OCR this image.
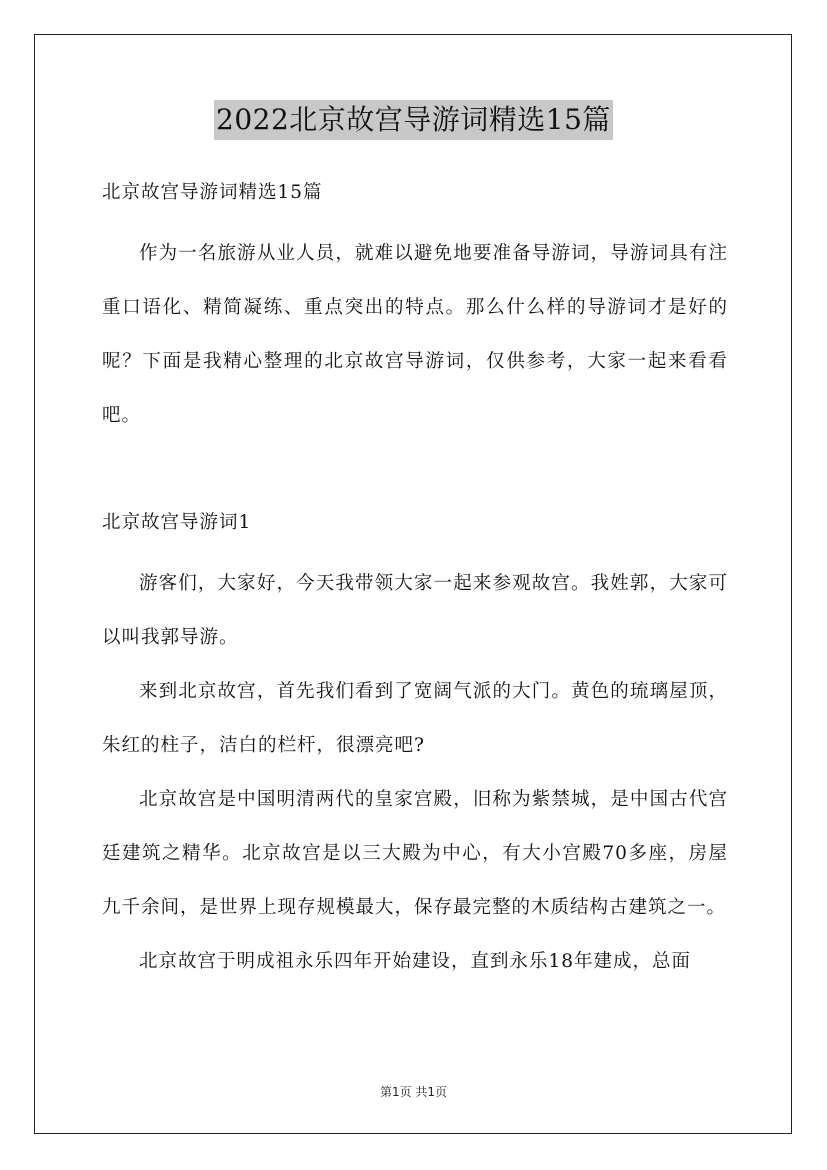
2022北京故宫导游词精选15篇
北京故宫导游词精选15篇

作为一名旅游从业人员，就难以避免地要准备导游词，导游词具有注重口语化、精简凝练、重点突出的特点。那么什么样的导游词才是好的呢？下面是我精心整理的北京故宫导游词，仅供参考，大家一起来看看吧。

北京故宫导游词1

游客们，大家好，今天我带领大家一起来参观故宫。我姓郭，大家可以叫我郭导游。

来到北京故宫，首先我们看到了宽阔气派的大门。黄色的琉璃屋顶，朱红的柱子，洁白的栏杆，很漂亮吧?

北京故宫是中国明清两代的皇家宫殿，旧称为紫禁城，是中国古代宫廷建筑之精华。北京故宫是以三大殿为中心，有大小宫殿70多座，房屋九千余间，是世界上现存规模最大，保存最完整的木质结构古建筑之一。

北京故宫于明成祖永乐四年开始建设，直到永乐18年建成，总面

第1页 共1页
